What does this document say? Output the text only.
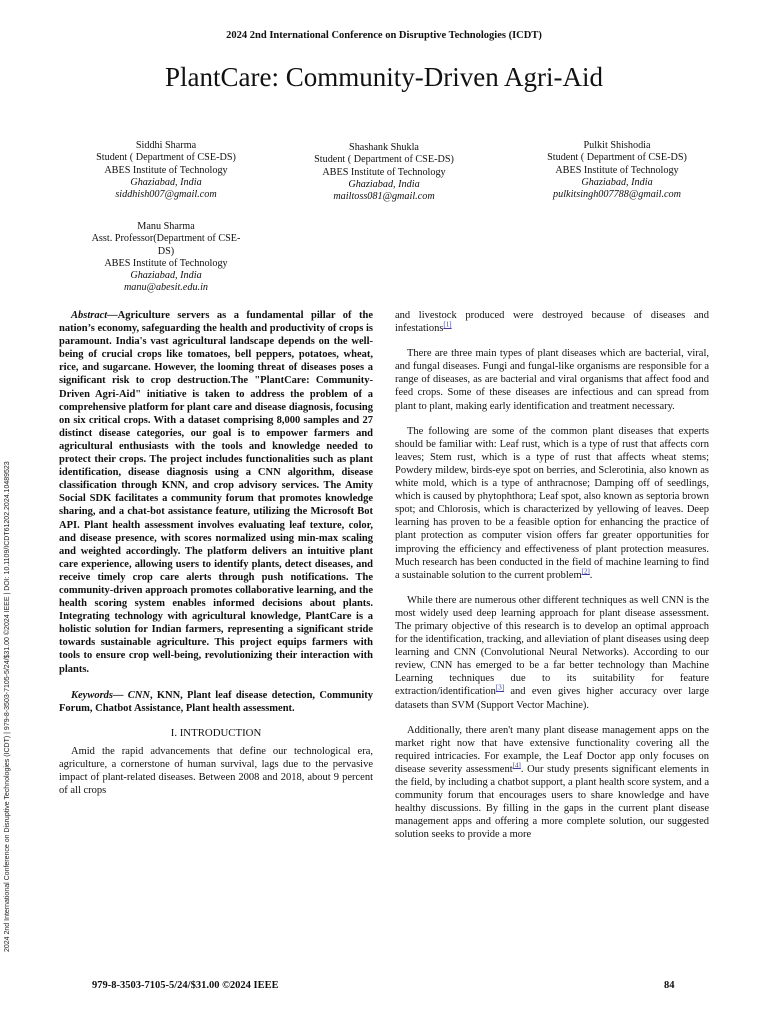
2024 2nd International Conference on Disruptive Technologies (ICDT)
PlantCare: Community-Driven Agri-Aid
Siddhi Sharma
Student ( Department of CSE-DS)
ABES Institute of Technology
Ghaziabad, India
siddhish007@gmail.com
Shashank Shukla
Student ( Department of CSE-DS)
ABES Institute of Technology
Ghaziabad, India
mailtoss081@gmail.com
Pulkit Shishodia
Student ( Department of CSE-DS)
ABES Institute of Technology
Ghaziabad, India
pulkitsingh007788@gmail.com
Manu Sharma
Asst. Professor(Department of CSE-
DS)
ABES Institute of Technology
Ghaziabad, India
manu@abesit.edu.in
2024 2nd International Conference on Disruptive Technologies (ICDT) | 979-8-3503-7105-5/24/$31.00 ©2024 IEEE | DOI: 10.1109/ICDT61202.2024.10489523

Abstract—Agriculture servers as a fundamental pillar of the nation’s economy, safeguarding the health and productivity of crops is paramount. India's vast agricultural landscape depends on the well-being of crucial crops like tomatoes, bell peppers, potatoes, wheat, rice, and sugarcane. However, the looming threat of diseases poses a significant risk to crop destruction.The "PlantCare: Community-Driven Agri-Aid" initiative is taken to address the problem of a comprehensive platform for plant care and disease diagnosis, focusing on six critical crops. With a dataset comprising 8,000 samples and 27 distinct disease categories, our goal is to empower farmers and agricultural enthusiasts with the tools and knowledge needed to protect their crops. The project includes functionalities such as plant identification, disease diagnosis using a CNN algorithm, disease classification through KNN, and crop advisory services. The Amity Social SDK facilitates a community forum that promotes knowledge sharing, and a chat-bot assistance feature, utilizing the Microsoft Bot API. Plant health assessment involves evaluating leaf texture, color, and disease presence, with scores normalized using min-max scaling and weighted accordingly. The platform delivers an intuitive plant care experience, allowing users to identify plants, detect diseases, and receive timely crop care alerts through push notifications. The community-driven approach promotes collaborative learning, and the health scoring system enables informed decisions about plants. Integrating technology with agricultural knowledge, PlantCare is a holistic solution for Indian farmers, representing a significant stride towards sustainable agriculture. This project equips farmers with tools to ensure crop well-being, revolutionizing their interaction with plants.

Keywords— CNN, KNN, Plant leaf disease detection, Community Forum, Chatbot Assistance, Plant health assessment.

I. INTRODUCTION

Amid the rapid advancements that define our technological era, agriculture, a cornerstone of human survival, lags due to the pervasive impact of plant-related diseases. Between 2008 and 2018, about 9 percent of all crops

and livestock produced were destroyed because of diseases and infestations[1]

There are three main types of plant diseases which are bacterial, viral, and fungal diseases. Fungi and fungal-like organisms are responsible for a range of diseases, as are bacterial and viral organisms that affect food and feed crops. Some of these diseases are infectious and can spread from plant to plant, making early identification and treatment necessary.

The following are some of the common plant diseases that experts should be familiar with: Leaf rust, which is a type of rust that affects corn leaves; Stem rust, which is a type of rust that affects wheat stems; Powdery mildew, birds-eye spot on berries, and Sclerotinia, also known as white mold, which is a type of anthracnose; Damping off of seedlings, which is caused by phytophthora; Leaf spot, also known as septoria brown spot; and Chlorosis, which is characterized by yellowing of leaves. Deep learning has proven to be a feasible option for enhancing the practice of plant protection as computer vision offers far greater opportunities for improving the efficiency and effectiveness of plant protection measures. Much research has been conducted in the field of machine learning to find a sustainable solution to the current problem[2].

While there are numerous other different techniques as well CNN is the most widely used deep learning approach for plant disease assessment. The primary objective of this research is to develop an optimal approach for the identification, tracking, and alleviation of plant diseases using deep learning and CNN (Convolutional Neural Networks). According to our review, CNN has emerged to be a far better technology than Machine Learning techniques due to its suitability for feature extraction/identification[3] and even gives higher accuracy over large datasets than SVM (Support Vector Machine).

Additionally, there aren't many plant disease management apps on the market right now that have extensive functionality covering all the required intricacies. For example, the Leaf Doctor app only focuses on disease severity assessment[4]. Our study presents significant elements in the field, by including a chatbot support, a plant health score system, and a community forum that encourages users to share knowledge and have healthy discussions. By filling in the gaps in the current plant disease management apps and offering a more complete solution, our suggested solution seeks to provide a more

979-8-3503-7105-5/24/$31.00 ©2024 IEEE	84
